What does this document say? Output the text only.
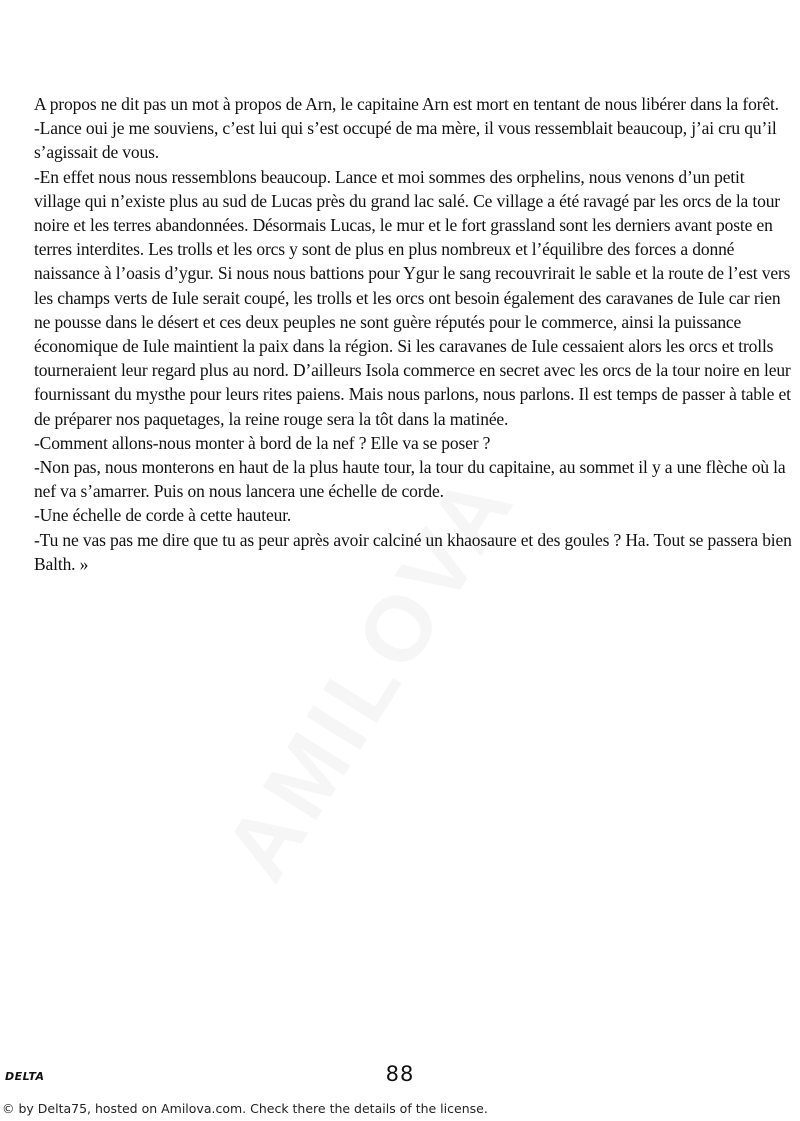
A propos ne dit pas un mot à propos de Arn, le capitaine Arn est mort en tentant de nous libérer dans la forêt.

-Lance oui je me souviens, c’est lui qui s’est occupé de ma mère, il vous ressemblait beaucoup, j’ai cru qu’il s’agissait de vous.

-En effet nous nous ressemblons beaucoup. Lance et moi sommes des orphelins, nous venons d’un petit village qui n’existe plus au sud de Lucas près du grand lac salé. Ce village a été ravagé par les orcs de la tour noire et les terres abandonnées. Désormais Lucas, le mur et le fort grassland sont les derniers avant poste en terres interdites. Les trolls et les orcs y sont de plus en plus nombreux et l’équilibre des forces a donné naissance à l’oasis d’ygur. Si nous nous battions pour Ygur le sang recouvrirait le sable et la route de l’est vers les champs verts de Iule serait coupé, les trolls et les orcs ont besoin également des caravanes de Iule car rien ne pousse dans le désert et ces deux peuples ne sont guère réputés pour le commerce, ainsi la puissance économique de Iule maintient la paix dans la région. Si les caravanes de Iule cessaient alors les orcs et trolls tourneraient leur regard plus au nord. D’ailleurs Isola commerce en secret avec les orcs de la tour noire en leur fournissant du mysthe pour leurs rites paiens. Mais nous parlons, nous parlons. Il est temps de passer à table et de préparer nos paquetages, la reine rouge sera la tôt dans la matinée.

-Comment allons-nous monter à bord de la nef ? Elle va se poser ?

-Non pas, nous monterons en haut de la plus haute tour, la tour du capitaine, au sommet il y a une flèche où la nef va s’amarrer. Puis on nous lancera une échelle de corde.

-Une échelle de corde à cette hauteur.

-Tu ne vas pas me dire que tu as peur après avoir calciné un khaosaure et des goules ? Ha. Tout se passera bien Balth. »

88
DELTA
© by Delta75, hosted on Amilova.com. Check there the details of the license.
